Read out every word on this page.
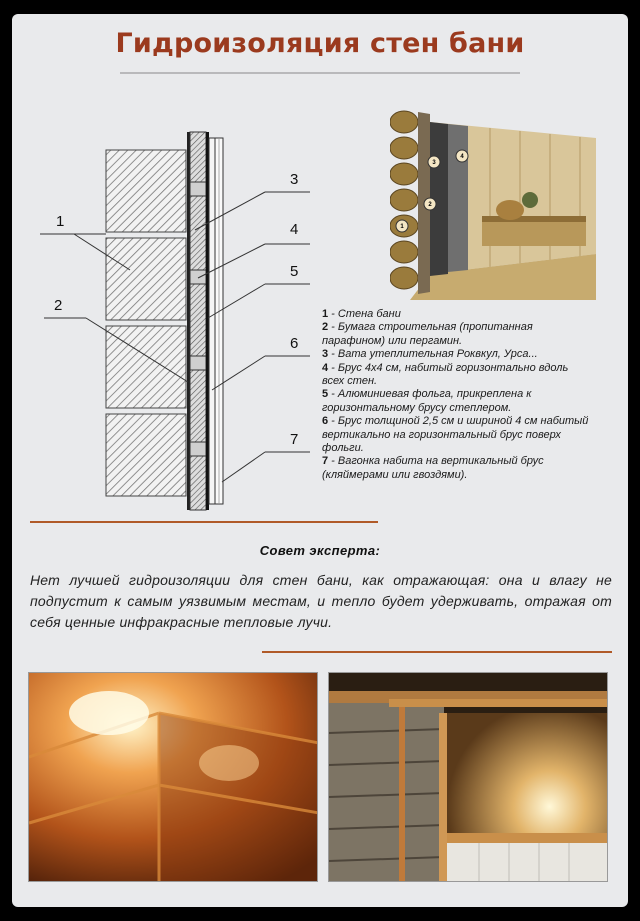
Гидроизоляция стен бани
1
2
3
4
5
6
7
1
2
3
4
1 - Стена бани
2 - Бумага строительная (пропитанная парафином) или пергамин.
3 - Вата утеплительная Роквкул, Урса...
4 - Брус 4х4 см, набитый горизонтально вдоль всех стен.
5 - Алюминиевая фольга, прикреплена к горизонтальному брусу степлером.
6 - Брус толщиной 2,5 см и шириной 4 см набитый вертикально на горизонтальный брус поверх фольги.
7 - Вагонка набита на вертикальный брус (кляймерами или гвоздями).
Совет эксперта:
Нет лучшей гидроизоляции для стен бани, как отражающая: она и влагу не подпустит к самым уязвимым местам, и тепло будет удерживать, отражая от себя ценные инфракрасные тепловые лучи.
